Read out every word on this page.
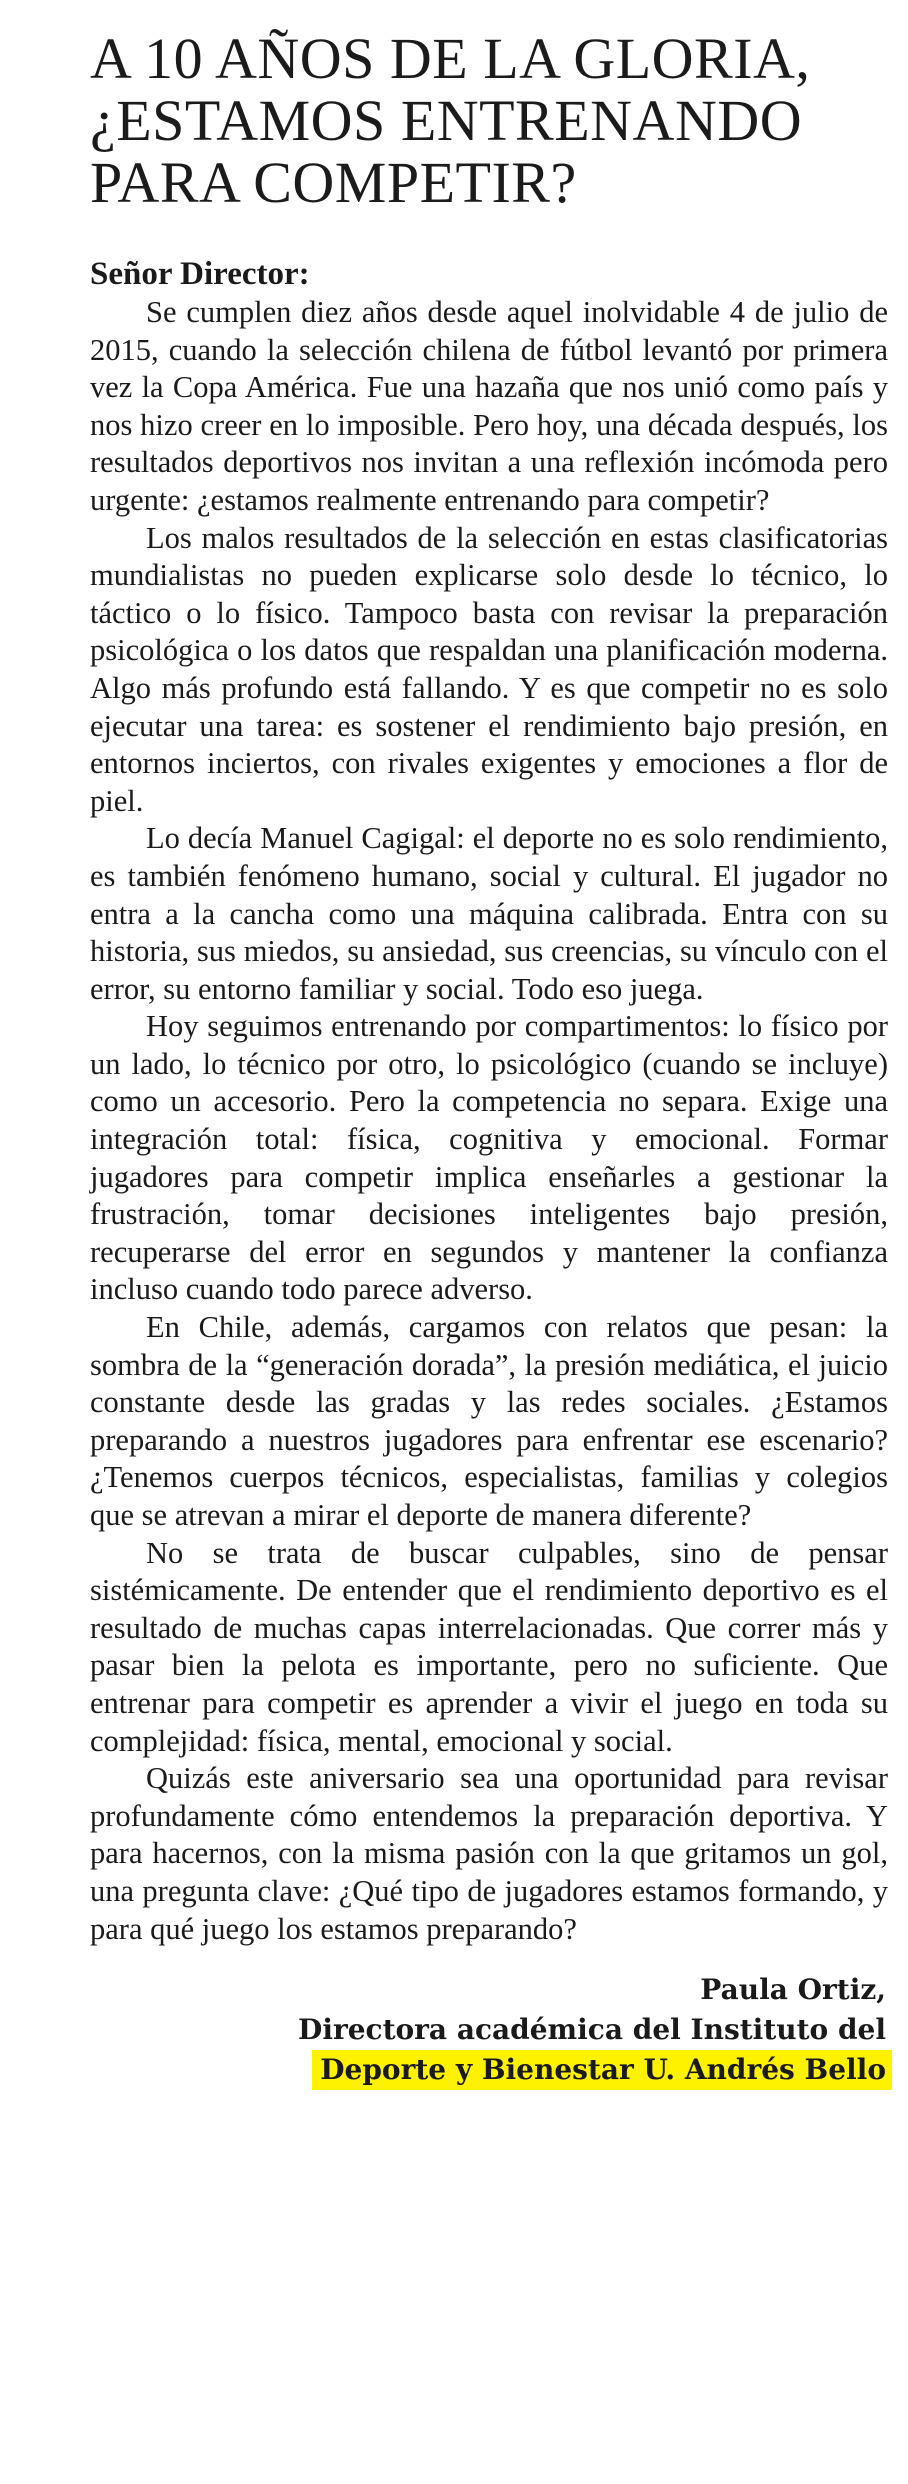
A 10 AÑOS DE LA GLORIA,
¿ESTAMOS ENTRENANDO
PARA COMPETIR?
Señor Director:

Se cumplen diez años desde aquel inolvidable 4 de julio de 2015, cuando la selección chilena de fútbol levantó por primera vez la Copa América. Fue una hazaña que nos unió como país y nos hizo creer en lo imposible. Pero hoy, una década después, los resultados deportivos nos invitan a una reflexión incómoda pero urgente: ¿estamos realmente entrenando para competir?

Los malos resultados de la selección en estas clasificatorias mundialistas no pueden explicarse solo desde lo técnico, lo táctico o lo físico. Tampoco basta con revisar la preparación psicológica o los datos que respaldan una planificación moderna. Algo más profundo está fallando. Y es que competir no es solo ejecutar una tarea: es sostener el rendimiento bajo presión, en entornos inciertos, con rivales exigentes y emociones a flor de piel.

Lo decía Manuel Cagigal: el deporte no es solo rendimiento, es también fenómeno humano, social y cultural. El jugador no entra a la cancha como una máquina calibrada. Entra con su historia, sus miedos, su ansiedad, sus creencias, su vínculo con el error, su entorno familiar y social. Todo eso juega.

Hoy seguimos entrenando por compartimentos: lo físico por un lado, lo técnico por otro, lo psicológico (cuando se incluye) como un accesorio. Pero la competencia no separa. Exige una integración total: física, cognitiva y emocional. Formar jugadores para competir implica enseñarles a gestionar la frustración, tomar decisiones inteligentes bajo presión, recuperarse del error en segundos y mantener la confianza incluso cuando todo parece adverso.

En Chile, además, cargamos con relatos que pesan: la sombra de la “generación dorada”, la presión mediática, el juicio constante desde las gradas y las redes sociales. ¿Estamos preparando a nuestros jugadores para enfrentar ese escenario? ¿Tenemos cuerpos técnicos, especialistas, familias y colegios que se atrevan a mirar el deporte de manera diferente?

No se trata de buscar culpables, sino de pensar sistémicamente. De entender que el rendimiento deportivo es el resultado de muchas capas interrelacionadas. Que correr más y pasar bien la pelota es importante, pero no suficiente. Que entrenar para competir es aprender a vivir el juego en toda su complejidad: física, mental, emocional y social.

Quizás este aniversario sea una oportunidad para revisar profundamente cómo entendemos la preparación deportiva. Y para hacernos, con la misma pasión con la que gritamos un gol, una pregunta clave: ¿Qué tipo de jugadores estamos formando, y para qué juego los estamos preparando?

Paula Ortiz,
Directora académica del Instituto del
Deporte y Bienestar U. Andrés Bello
